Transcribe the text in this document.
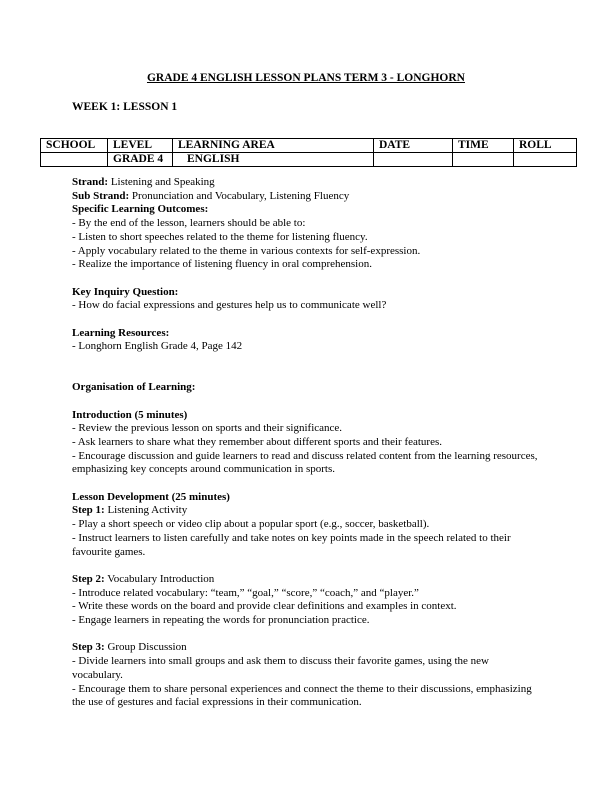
GRADE 4 ENGLISH LESSON PLANS TERM 3 - LONGHORN
WEEK 1: LESSON 1
SCHOOL	LEVEL	LEARNING AREA	DATE	TIME	ROLL
	GRADE 4	ENGLISH			

Strand: Listening and Speaking

Sub Strand: Pronunciation and Vocabulary, Listening Fluency

Specific Learning Outcomes:

- By the end of the lesson, learners should be able to:

- Listen to short speeches related to the theme for listening fluency.

- Apply vocabulary related to the theme in various contexts for self-expression.

- Realize the importance of listening fluency in oral comprehension.

Key Inquiry Question:

- How do facial expressions and gestures help us to communicate well?

Learning Resources:

- Longhorn English Grade 4, Page 142

Organisation of Learning:

Introduction (5 minutes)

- Review the previous lesson on sports and their significance.

- Ask learners to share what they remember about different sports and their features.

- Encourage discussion and guide learners to read and discuss related content from the learning resources, emphasizing key concepts around communication in sports.

Lesson Development (25 minutes)

Step 1: Listening Activity

- Play a short speech or video clip about a popular sport (e.g., soccer, basketball).

- Instruct learners to listen carefully and take notes on key points made in the speech related to their favourite games.

Step 2: Vocabulary Introduction

- Introduce related vocabulary: “team,” “goal,” “score,” “coach,” and “player.”

- Write these words on the board and provide clear definitions and examples in context.

- Engage learners in repeating the words for pronunciation practice.

Step 3: Group Discussion

- Divide learners into small groups and ask them to discuss their favorite games, using the new vocabulary.

- Encourage them to share personal experiences and connect the theme to their discussions, emphasizing the use of gestures and facial expressions in their communication.
